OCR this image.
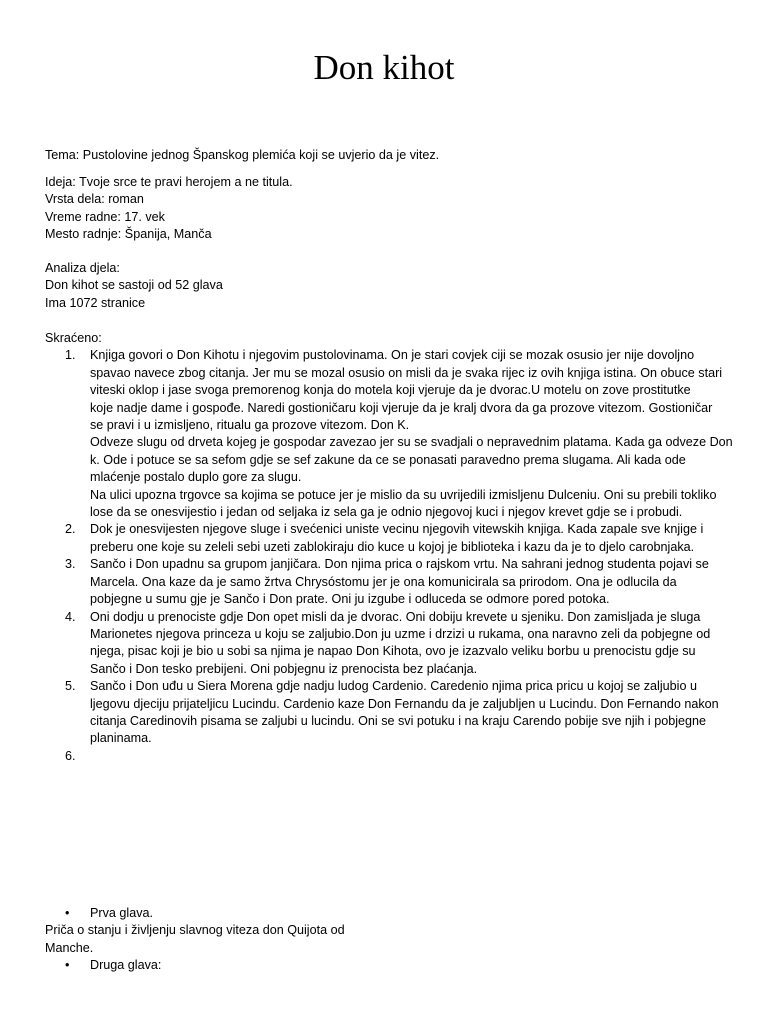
Don kihot
Tema: Pustolovine jednog Španskog plemića koji se uvjerio da je vitez.
Ideja: Tvoje srce te pravi herojem a ne titula.
Vrsta dela: roman
Vreme radne: 17. vek
Mesto radnje: Španija, Manča
Analiza djela:
Don kihot se sastoji od 52 glava
Ima 1072 stranice
Skraćeno:
1. Knjiga govori o Don Kihotu i njegovim pustolovinama. On je stari covjek ciji se mozak osusio jer nije dovoljno
spavao navece zbog citanja. Jer mu se mozal osusio on misli da je svaka rijec iz ovih knjiga istina. On obuce stari
viteski oklop i jase svoga premorenog konja do motela koji vjeruje da je dvorac.U motelu on zove prostitutke
koje nadje dame i gospođe. Naredi gostioničaru koji vjeruje da je kralj dvora da ga prozove vitezom. Gostioničar
se pravi i u izmisljeno, ritualu ga prozove vitezom. Don K.
Odveze slugu od drveta kojeg je gospodar zavezao jer su se svadjali o nepravednim platama. Kada ga odveze Don
k. Ode i potuce se sa sefom gdje se sef zakune da ce se ponasati paravedno prema slugama. Ali kada ode
mlaćenje postalo duplo gore za slugu.
Na ulici upozna trgovce sa kojima se potuce jer je mislio da su uvrijedili izmisljenu Dulceniu. Oni su prebili tokliko
lose da se onesvijestio i jedan od seljaka iz sela ga je odnio njegovoj kuci i njegov krevet gdje se i probudi.
2. Dok je onesvijesten njegove sluge i svećenici uniste vecinu njegovih vitewskih knjiga. Kada zapale sve knjige i
preberu one koje su zeleli sebi uzeti zablokiraju dio kuce u kojoj je biblioteka i kazu da je to djelo carobnjaka.
3. Sančo i Don upadnu sa grupom janjičara. Don njima prica o rajskom vrtu. Na sahrani jednog studenta pojavi se
Marcela. Ona kaze da je samo žrtva Chrysóstomu jer je ona komunicirala sa prirodom. Ona je odlucila da
pobjegne u sumu gje je Sančo i Don prate. Oni ju izgube i odluceda se odmore pored potoka.
4. Oni dodju u prenociste gdje Don opet misli da je dvorac. Oni dobiju krevete u sjeniku. Don zamisljada je sluga
Marionetes njegova princeza u koju se zaljubio.Don ju uzme i drzizi u rukama, ona naravno zeli da pobjegne od
njega, pisac koji je bio u sobi sa njima je napao Don Kihota, ovo je izazvalo veliku borbu u prenocistu gdje su
Sančo i Don tesko prebijeni. Oni pobjegnu iz prenocista bez plaćanja.
5. Sančo i Don uđu u Siera Morena gdje nadju ludog Cardenio. Caredenio njima prica pricu u kojoj se zaljubio u
ljegovu djeciju prijateljicu Lucindu. Cardenio kaze Don Fernandu da je zaljubljen u Lucindu. Don Fernando nakon
citanja Caredinovih pisama se zaljubi u lucindu. Oni se svi potuku i na kraju Carendo pobije sve njih i pobjegne
planinama.
6.

• Prva glava.
Priča o stanju i življenju slavnog viteza don Quijota od
Manche.
• Druga glava:
